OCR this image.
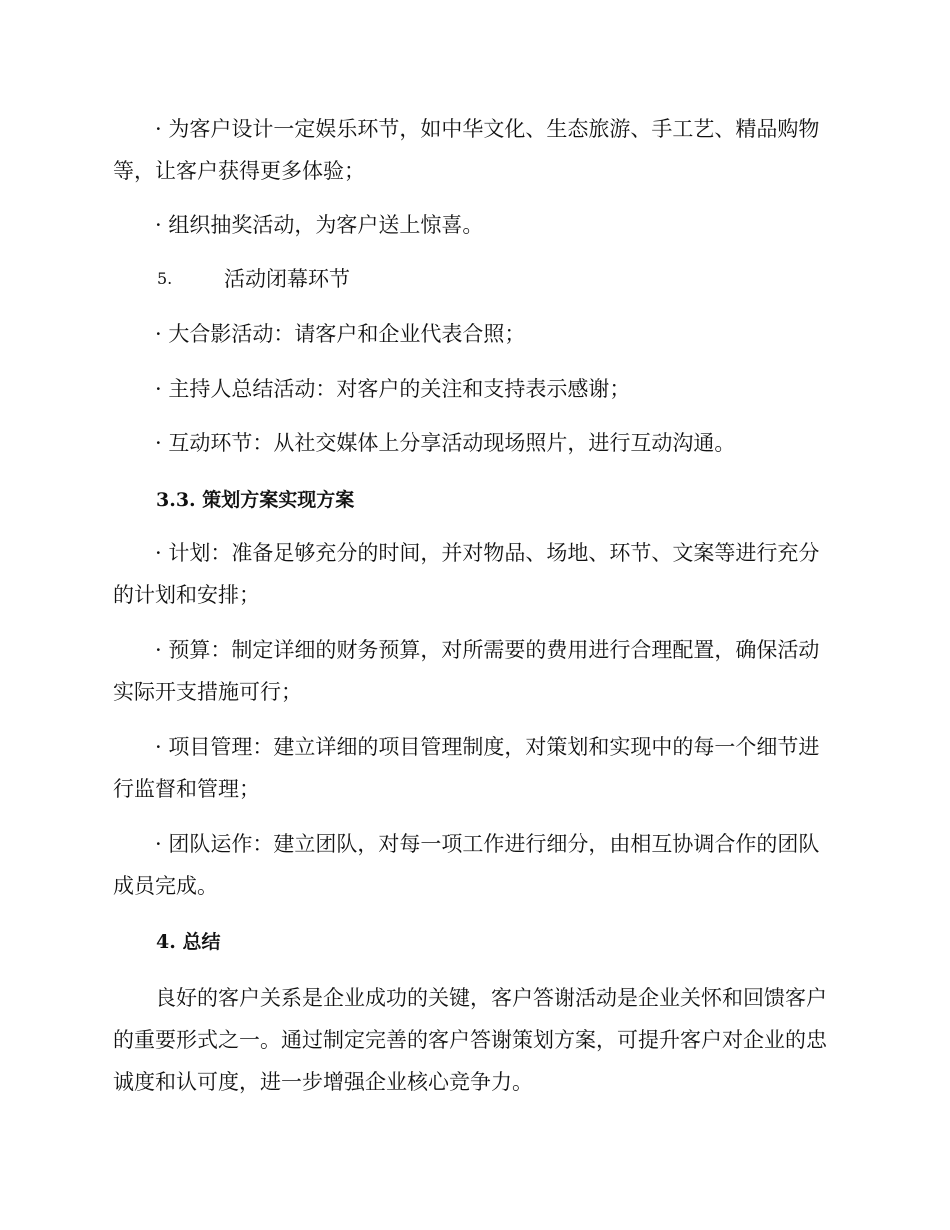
· 为客户设计一定娱乐环节，如中华文化、生态旅游、手工艺、精品购物等，让客户获得更多体验；
· 组织抽奖活动，为客户送上惊喜。
5. 活动闭幕环节
· 大合影活动：请客户和企业代表合照；
· 主持人总结活动：对客户的关注和支持表示感谢；
· 互动环节：从社交媒体上分享活动现场照片，进行互动沟通。
3.3. 策划方案实现方案
· 计划：准备足够充分的时间，并对物品、场地、环节、文案等进行充分的计划和安排；
· 预算：制定详细的财务预算，对所需要的费用进行合理配置，确保活动实际开支措施可行；
· 项目管理：建立详细的项目管理制度，对策划和实现中的每一个细节进行监督和管理；
· 团队运作：建立团队，对每一项工作进行细分，由相互协调合作的团队成员完成。
4. 总结
良好的客户关系是企业成功的关键，客户答谢活动是企业关怀和回馈客户的重要形式之一。通过制定完善的客户答谢策划方案，可提升客户对企业的忠诚度和认可度，进一步增强企业核心竞争力。
